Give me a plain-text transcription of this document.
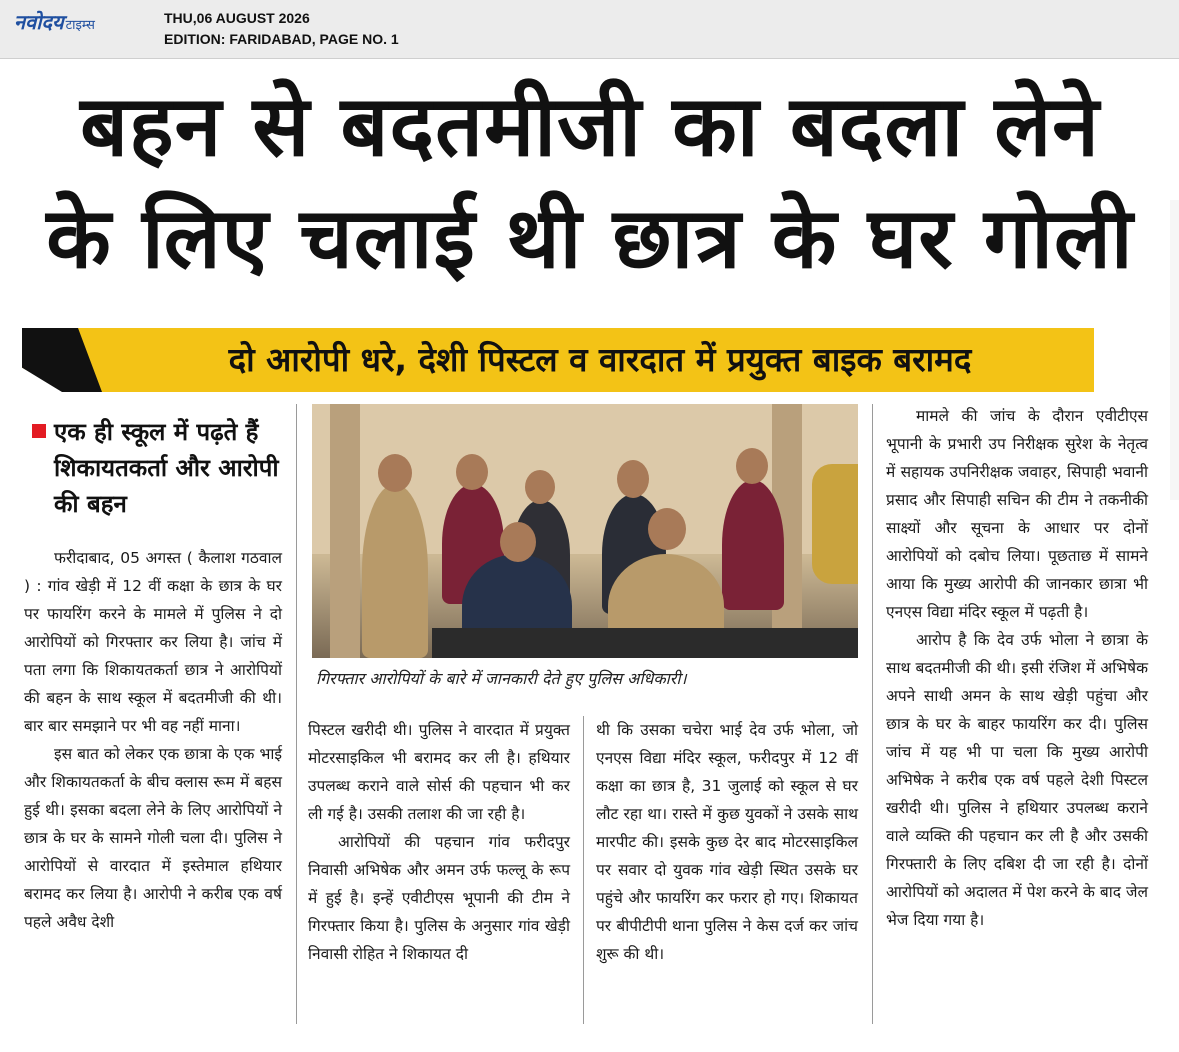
नवोदय टाइम्स	THU,06 AUGUST 2026
EDITION: FARIDABAD, PAGE NO. 1
बहन से बदतमीजी का बदला लेने
के लिए चलाई थी छात्र के घर गोली
दो आरोपी धरे, देशी पिस्टल व वारदात में प्रयुक्त बाइक बरामद
एक ही स्कूल में पढ़ते हैं शिकायतकर्ता और आरोपी की बहन

फरीदाबाद, 05 अगस्त ( कैलाश गठवाल ) : गांव खेड़ी में 12 वीं कक्षा के छात्र के घर पर फायरिंग करने के मामले में पुलिस ने दो आरोपियों को गिरफ्तार कर लिया है। जांच में पता लगा कि शिकायतकर्ता छात्र ने आरोपियों की बहन के साथ स्कूल में बदतमीजी की थी। बार बार समझाने पर भी वह नहीं माना।

इस बात को लेकर एक छात्रा के एक भाई और शिकायतकर्ता के बीच क्लास रूम में बहस हुई थी। इसका बदला लेने के लिए आरोपियों ने छात्र के घर के सामने गोली चला दी। पुलिस ने आरोपियों से वारदात में इस्तेमाल हथियार बरामद कर लिया है। आरोपी ने करीब एक वर्ष पहले अवैध देशी

गिरफ्तार आरोपियों के बारे में जानकारी देते हुए पुलिस अधिकारी।

पिस्टल खरीदी थी। पुलिस ने वारदात में प्रयुक्त मोटरसाइकिल भी बरामद कर ली है। हथियार उपलब्ध कराने वाले सोर्स की पहचान भी कर ली गई है। उसकी तलाश की जा रही है।

आरोपियों की पहचान गांव फरीदपुर निवासी अभिषेक और अमन उर्फ फल्लू के रूप में हुई है। इन्हें एवीटीएस भूपानी की टीम ने गिरफ्तार किया है। पुलिस के अनुसार गांव खेड़ी निवासी रोहित ने शिकायत दी

थी कि उसका चचेरा भाई देव उर्फ भोला, जो एनएस विद्या मंदिर स्कूल, फरीदपुर में 12 वीं कक्षा का छात्र है, 31 जुलाई को स्कूल से घर लौट रहा था। रास्ते में कुछ युवकों ने उसके साथ मारपीट की। इसके कुछ देर बाद मोटरसाइकिल पर सवार दो युवक गांव खेड़ी स्थित उसके घर पहुंचे और फायरिंग कर फरार हो गए। शिकायत पर बीपीटीपी थाना पुलिस ने केस दर्ज कर जांच शुरू की थी।

मामले की जांच के दौरान एवीटीएस भूपानी के प्रभारी उप निरीक्षक सुरेश के नेतृत्व में सहायक उपनिरीक्षक जवाहर, सिपाही भवानी प्रसाद और सिपाही सचिन की टीम ने तकनीकी साक्ष्यों और सूचना के आधार पर दोनों आरोपियों को दबोच लिया। पूछताछ में सामने आया कि मुख्य आरोपी की जानकार छात्रा भी एनएस विद्या मंदिर स्कूल में पढ़ती है।

आरोप है कि देव उर्फ भोला ने छात्रा के साथ बदतमीजी की थी। इसी रंजिश में अभिषेक अपने साथी अमन के साथ खेड़ी पहुंचा और छात्र के घर के बाहर फायरिंग कर दी। पुलिस जांच में यह भी पा चला कि मुख्य आरोपी अभिषेक ने करीब एक वर्ष पहले देशी पिस्टल खरीदी थी। पुलिस ने हथियार उपलब्ध कराने वाले व्यक्ति की पहचान कर ली है और उसकी गिरफ्तारी के लिए दबिश दी जा रही है। दोनों आरोपियों को अदालत में पेश करने के बाद जेल भेज दिया गया है।
